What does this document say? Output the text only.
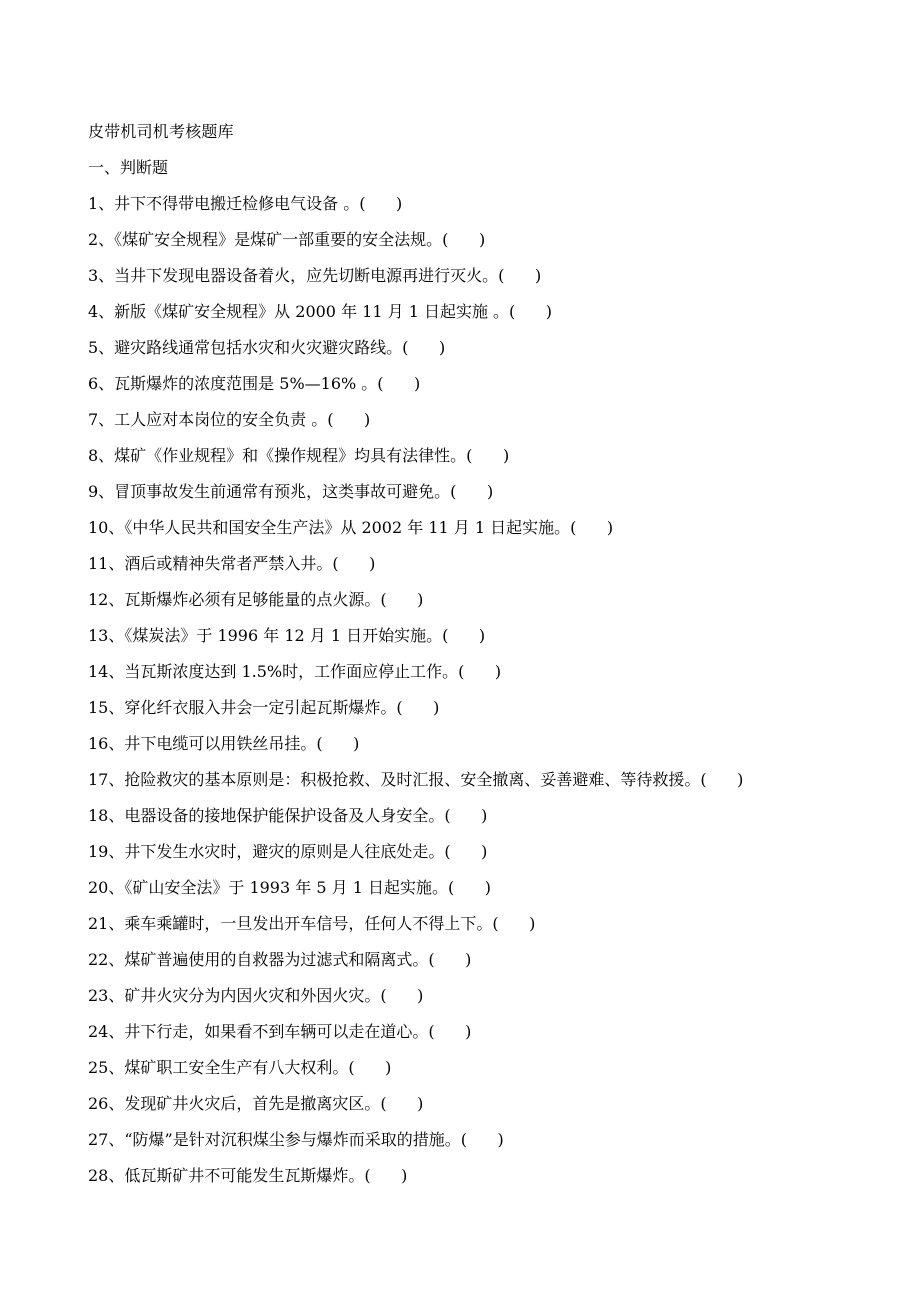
皮带机司机考核题库
一、判断题
1、井下不得带电搬迁检修电气设备 。(      )
2、《煤矿安全规程》是煤矿一部重要的安全法规。(      )
3、当井下发现电器设备着火，应先切断电源再进行灭火。(      )
4、新版《煤矿安全规程》从 2000 年 11 月 1 日起实施 。(      )
5、避灾路线通常包括水灾和火灾避灾路线。(      )
6、瓦斯爆炸的浓度范围是 5%—16% 。(      )
7、工人应对本岗位的安全负责 。(      )
8、煤矿《作业规程》和《操作规程》均具有法律性。(      )
9、冒顶事故发生前通常有预兆，这类事故可避免。(      )
10、《中华人民共和国安全生产法》从 2002 年 11 月 1 日起实施。(      )
11、酒后或精神失常者严禁入井。(      )
12、瓦斯爆炸必须有足够能量的点火源。(      )
13、《煤炭法》于 1996 年 12 月 1 日开始实施。(      )
14、当瓦斯浓度达到 1.5%时，工作面应停止工作。(      )
15、穿化纤衣服入井会一定引起瓦斯爆炸。(      )
16、井下电缆可以用铁丝吊挂。(      )
17、抢险救灾的基本原则是：积极抢救、及时汇报、安全撤离、妥善避难、等待救援。(      )
18、电器设备的接地保护能保护设备及人身安全。(      )
19、井下发生水灾时，避灾的原则是人往底处走。(      )
20、《矿山安全法》于 1993 年 5 月 1 日起实施。(      )
21、乘车乘罐时，一旦发出开车信号，任何人不得上下。(      )
22、煤矿普遍使用的自救器为过滤式和隔离式。(      )
23、矿井火灾分为内因火灾和外因火灾。(      )
24、井下行走，如果看不到车辆可以走在道心。(      )
25、煤矿职工安全生产有八大权利。(      )
26、发现矿井火灾后，首先是撤离灾区。(      )
27、“防爆”是针对沉积煤尘参与爆炸而采取的措施。(      )
28、低瓦斯矿井不可能发生瓦斯爆炸。(      )
